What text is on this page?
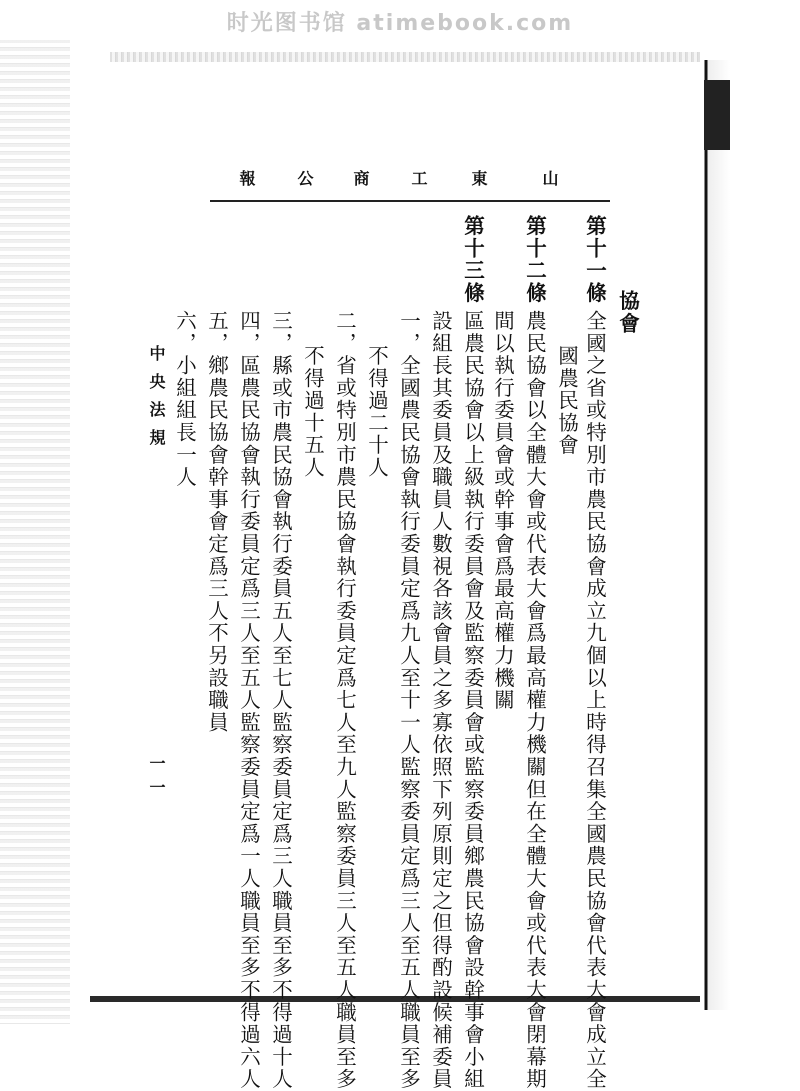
时光图书馆 atimebook.com
山
東
工
商
公
報
協會
第十一條
全國之省或特別市農民協會成立九個以上時得召集全國農民協會代表大會成立全
國農民協會
第十二條
農民協會以全體大會或代表大會爲最高權力機關但在全體大會或代表大會閉幕期
間以執行委員會或幹事會爲最高權力機關
第十三條
區農民協會以上級執行委員會及監察委員會或監察委員鄉農民協會設幹事會小組
設組長其委員及職員人數視各該會員之多寡依照下列原則定之但得酌設候補委員
一，全國農民協會執行委員定爲九人至十一人監察委員定爲三人至五人職員至多
不得過二十人
二，省或特別市農民協會執行委員定爲七人至九人監察委員三人至五人職員至多
不得過十五人
三，縣或市農民協會執行委員五人至七人監察委員定爲三人職員至多不得過十人
四，區農民協會執行委員定爲三人至五人監察委員定爲一人職員至多不得過六人
五，鄉農民協會幹事會定爲三人不另設職員
六，小組組長一人
中央法規
一一
